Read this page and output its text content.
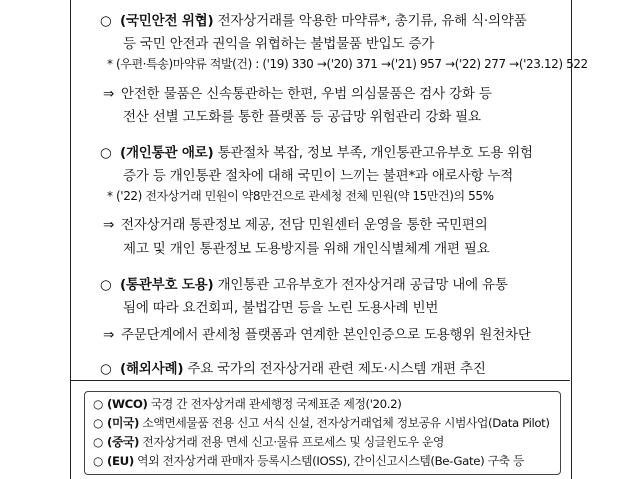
○ (국민안전 위협) 전자상거래를 악용한 마약류*, 총기류, 유해 식·의약품
등 국민 안전과 권익을 위협하는 불법물품 반입도 증가
* (우편·특송)마약류 적발(건) : ('19) 330 →('20) 371 →('21) 957 →('22) 277 →('23.12) 522
⇒ 안전한 물품은 신속통관하는 한편, 우범 의심물품은 검사 강화 등
전산 선별 고도화를 통한 플랫폼 등 공급망 위험관리 강화 필요
○ (개인통관 애로) 통관절차 복잡, 정보 부족, 개인통관고유부호 도용 위험
증가 등 개인통관 절차에 대해 국민이 느끼는 불편*과 애로사항 누적
* ('22) 전자상거래 민원이 약8만건으로 관세청 전체 민원(약 15만건)의 55%
⇒ 전자상거래 통관정보 제공, 전담 민원센터 운영을 통한 국민편의
제고 및 개인 통관정보 도용방지를 위해 개인식별체계 개편 필요
○ (통관부호 도용) 개인통관 고유부호가 전자상거래 공급망 내에 유통
됨에 따라 요건회피, 불법감면 등을 노린 도용사례 빈번
⇒ 주문단계에서 관세청 플랫폼과 연계한 본인인증으로 도용행위 원천차단
○ (해외사례) 주요 국가의 전자상거래 관련 제도·시스템 개편 추진
○ (WCO) 국경 간 전자상거래 관세행정 국제표준 제정('20.2)
○ (미국) 소액면세물품 전용 신고 서식 신설, 전자상거래업체 정보공유 시범사업(Data Pilot)
○ (중국) 전자상거래 전용 면세 신고·물류 프로세스 및 싱글윈도우 운영
○ (EU) 역외 전자상거래 판매자 등록시스템(IOSS), 간이신고시스템(Be-Gate) 구축 등
